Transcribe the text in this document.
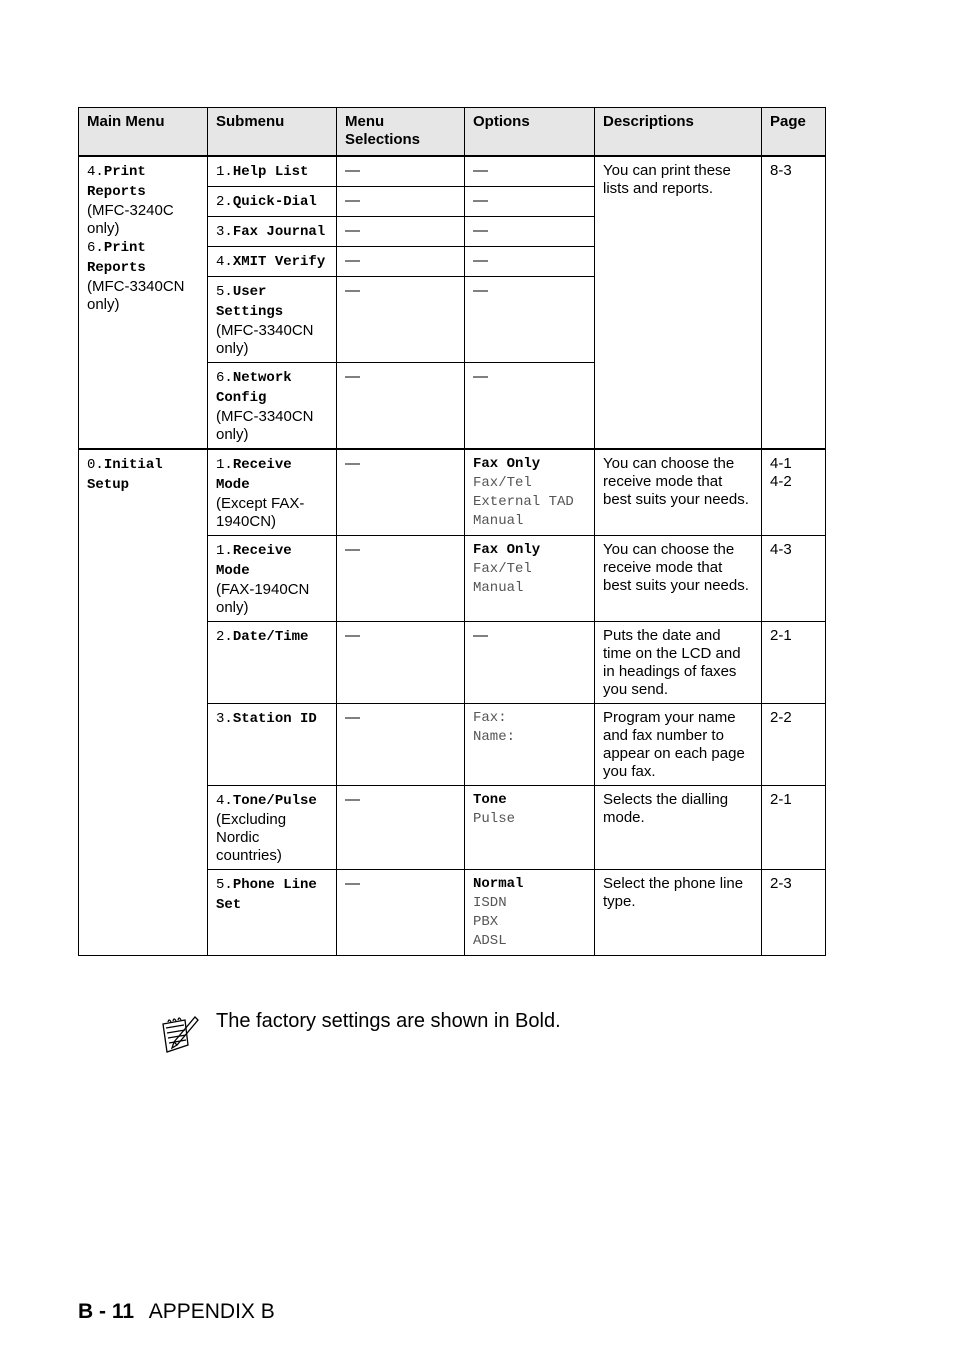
Main Menu	Submenu	Menu Selections	Options	Descriptions	Page

4.Print Reports
(MFC-3240C only)
6.Print Reports
(MFC-3340CN only)	1.Help List	—	—	You can print these lists and reports.	8-3

	2.Quick-Dial	—	—		

	3.Fax Journal	—	—		

	4.XMIT Verify	—	—		

	5.User Settings
(MFC-3340CN only)	—	—		

	6.Network Config
(MFC-3340CN only)	—	—		

0.Initial Setup	1.Receive Mode
(Except FAX-1940CN)	—	Fax Only
Fax/Tel
External TAD
Manual	You can choose the receive mode that best suits your needs.	4-1
4-2

	1.Receive Mode
(FAX-1940CN only)	—	Fax Only
Fax/Tel
Manual	You can choose the receive mode that best suits your needs.	4-3

	2.Date/Time	—	—	Puts the date and time on the LCD and in headings of faxes you send.	2-1

	3.Station ID	—	Fax:
Name:	Program your name and fax number to appear on each page you fax.	2-2

	4.Tone/Pulse
(Excluding Nordic countries)	—	Tone
Pulse	Selects the dialling mode.	2-1

	5.Phone Line Set	—	Normal
ISDN
PBX
ADSL	Select the phone line type.	2-3
The factory settings are shown in Bold.
B - 11 APPENDIX B
